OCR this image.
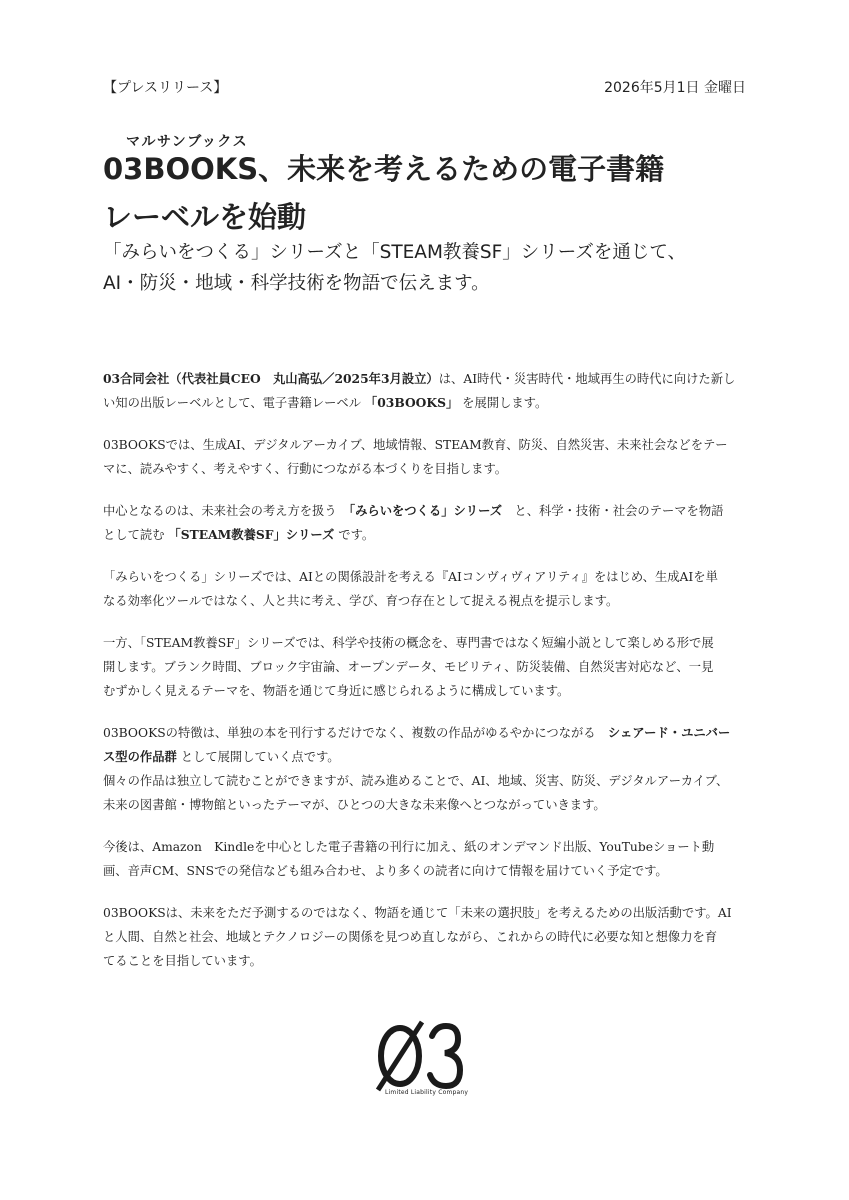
【プレスリリース】	2026年5月1日 金曜日
マルサンブックス
03BOOKS、未来を考えるための電子書籍
レーベルを始動
「みらいをつくる」シリーズと「STEAM教養SF」シリーズを通じて、
AI・防災・地域・科学技術を物語で伝えます。

03合同会社（代表社員CEO　丸山高弘／2025年3月設立）は、AI時代・災害時代・地域再生の時代に向けた新し
い知の出版レーベルとして、電子書籍レーベル 「03BOOKS」 を展開します。

03BOOKSでは、生成AI、デジタルアーカイブ、地域情報、STEAM教育、防災、自然災害、未来社会などをテー
マに、読みやすく、考えやすく、行動につながる本づくりを目指します。

中心となるのは、未来社会の考え方を扱う　 「みらいをつくる」シリーズ　 と、科学・技術・社会のテーマを物語
として読む 「STEAM教養SF」シリーズ です。

「みらいをつくる」シリーズでは、AIとの関係設計を考える『AIコンヴィヴィアリティ』をはじめ、生成AIを単
なる効率化ツールではなく、人と共に考え、学び、育つ存在として捉える視点を提示します。

一方、「STEAM教養SF」シリーズでは、科学や技術の概念を、専門書ではなく短編小説として楽しめる形で展
開します。ブランク時間、ブロック宇宙論、オープンデータ、モビリティ、防災装備、自然災害対応など、一見
むずかしく見えるテーマを、物語を通じて身近に感じられるように構成しています。

03BOOKSの特徴は、単独の本を刊行するだけでなく、複数の作品がゆるやかにつながる　 シェアード・ユニバー
ス型の作品群 として展開していく点です。
個々の作品は独立して読むことができますが、読み進めることで、AI、地域、災害、防災、デジタルアーカイブ、
未来の図書館・博物館といったテーマが、ひとつの大きな未来像へとつながっていきます。

今後は、Amazon　Kindleを中心とした電子書籍の刊行に加え、紙のオンデマンド出版、YouTubeショート動
画、音声CM、SNSでの発信なども組み合わせ、より多くの読者に向けて情報を届けていく予定です。

03BOOKSは、未来をただ予測するのではなく、物語を通じて「未来の選択肢」を考えるための出版活動です。AI
と人間、自然と社会、地域とテクノロジーの関係を見つめ直しながら、これからの時代に必要な知と想像力を育
てることを目指しています。

Limited Liability Company
